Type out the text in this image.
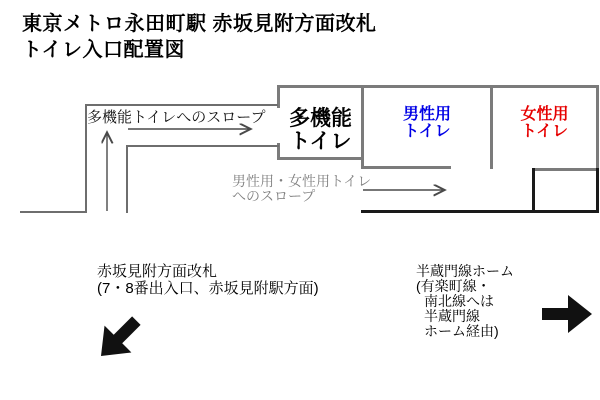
東京メトロ永田町駅 赤坂見附方面改札
トイレ入口配置図
多機能トイレへのスロープ	多機能
トイレ
男性用
トイレ
女性用
トイレ
男性用・女性用トイレ
へのスロープ
赤坂見附方面改札
(7・8番出入口、赤坂見附駅方面)
半蔵門線ホーム
(有楽町線・
南北線へは
半蔵門線
ホーム経由)
